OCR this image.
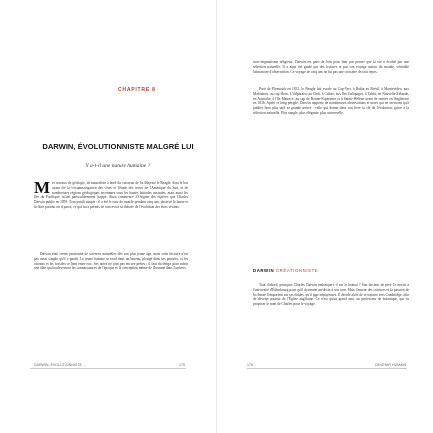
CHAPITRE 8
DARWIN, ÉVOLUTIONNISTE MALGRÉ LUI
Y a-t-il une nature humaine ?
M es travaux de géologie, de naturaliste à bord du vaisseau de Sa Majesté le Beagle, dont le but ayant été la circumnavigation des côtes et l'étude des terres de l'Amérique du Sud, et de nombreuses régions géologiques reconnues sous les hautes latitudes australes, mais aussi les îles du Pacifique, m'ont particulièrement frappé. Ainsi commence L'Origine des espèces que Charles Darwin publie en 1859. Tout paraît simple : il a été le tour du monde pendant cinq ans, observé la faune et la flore partout où il passe, ce qui lui a permis de concevoir sa théorie de l'évolution des êtres vivants.

Darwin était certes passionné de sciences naturelles dès son plus jeune âge, mais cette histoire n'est pas aussi simple qu'il y paraît. Le jeune homme se rend dans un bureau, plongé dans ses pensées, et les oiseaux et les fossiles se lient entre eux. Ses notes ne sont pas encore prêtes : il faut du temps pour mûrir une idée qui bouleversera les connaissances de l'époque et la conception même de l'homme dans l'univers.

DARWIN, ÉVOLUTIONNISTE ...	175

sous-dogmatisme religieux. Darwin est parti de loin pour finir par penser que la vie a évolué par une sélection naturelle. Il a ainsi été guidé par des lectures et par son voyage autour du monde, véritable laboratoire d'observation. Ce voyage de cinq ans ne fut pas une croisière de tout repos.

Parti de Plymouth en 1831, le Beagle fait escale au Cap-Vert, à Bahia au Brésil, à Montevideo, aux Malouines, au cap Horn, à Valparaiso au Chili, à Callao, aux îles Galápagos, à Tahiti, en Nouvelle-Zélande, en Australie, à l'île Maurice, au cap de Bonne-Espérance et à Sainte-Hélène avant de rentrer en Angleterre en 1836. Après ce long périple, Darwin rapporte de nombreuses observations et notes qui ne serviront qu'à publier bien plus tard sa grande œuvre : celle qui donne dans son livre la clé de l'évolution, grâce à la sélection naturelle. Plus simple, plus élégante, plus universelle.

DARWIN CRÉATIONNISTE

Tout d'abord, pourquoi Charles Darwin embarque-t-il sur le bateau ? Son docteur de père l'a inscrit à l'université d'Édimbourg pour qu'il devienne médecin à son tour. Mais l'amour des sciences et la passion de la chasse l'emportent sur ses études, qu'il juge ennuyeuses. Il décide alors de se tourner vers Cambridge, afin de devenir pasteur de l'Église anglicane. Ce n'est qu'un grand ami, un professeur de botanique, qui va proposer le nom de Charles pour le voyage.

176	DEVENIR HUMAIN
